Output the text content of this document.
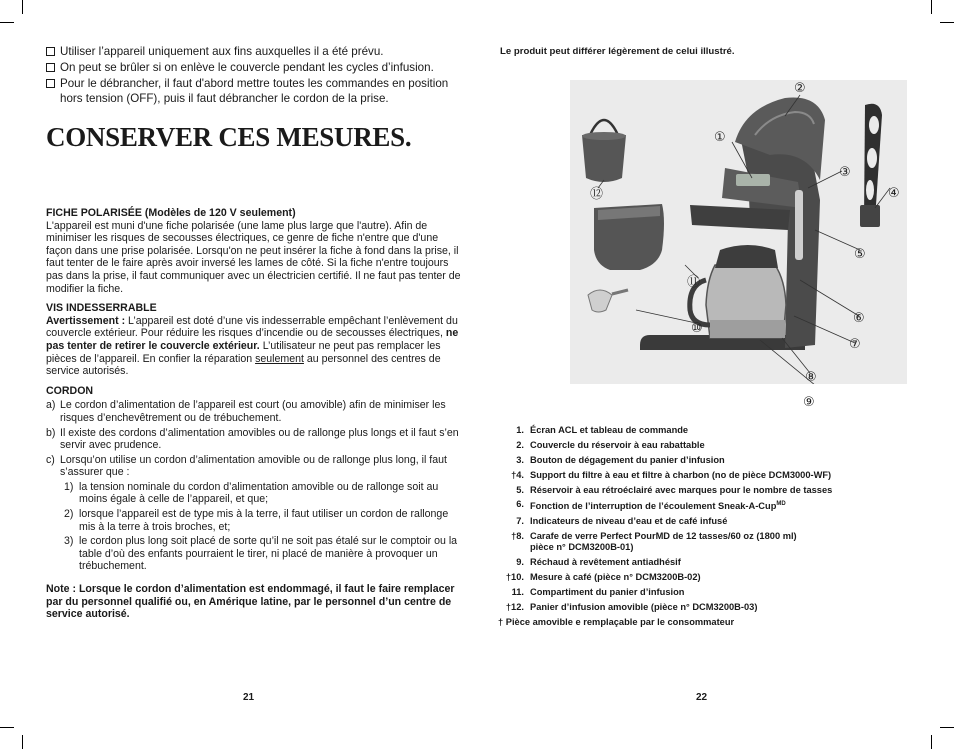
Utiliser l’appareil uniquement aux fins auxquelles il a été prévu.
On peut se brûler si on enlève le couvercle pendant les cycles d’infusion.
Pour le débrancher, il faut d'abord mettre toutes les commandes en position hors tension (OFF), puis il faut débrancher le cordon de la prise.
CONSERVER CES MESURES.
FICHE POLARISÉE (Modèles de 120 V seulement)

L'appareil est muni d'une fiche polarisée (une lame plus large que l'autre). Afin de minimiser les risques de secousses électriques, ce genre de fiche n'entre que d'une façon dans une prise polarisée. Lorsqu'on ne peut insérer la fiche à fond dans la prise, il faut tenter de le faire après avoir inversé les lames de côté. Si la fiche n'entre toujours pas dans la prise, il faut communiquer avec un électricien certifié. Il ne faut pas tenter de modifier la fiche.

VIS INDESSERRABLE

Avertissement : L’appareil est doté d’une vis indesserrable empêchant l’enlèvement du couvercle extérieur. Pour réduire les risques d’incendie ou de secousses électriques, ne pas tenter de retirer le couvercle extérieur. L’utilisateur ne peut pas remplacer les pièces de l’appareil. En confier la réparation seulement au personnel des centres de service autorisés.

CORDON
a) Le cordon d’alimentation de l’appareil est court (ou amovible) afin de minimiser les risques d’enchevêtrement ou de trébuchement.
b) Il existe des cordons d’alimentation amovibles ou de rallonge plus longs et il faut s’en servir avec prudence.
c) Lorsqu’on utilise un cordon d’alimentation amovible ou de rallonge plus long, il faut s’assurer que :
1) la tension nominale du cordon d’alimentation amovible ou de rallonge soit au moins égale à celle de l’appareil, et que;
2) lorsque l’appareil est de type mis à la terre, il faut utiliser un cordon de rallonge mis à la terre à trois broches, et;
3) le cordon plus long soit placé de sorte qu’il ne soit pas étalé sur le comptoir ou la table d’où des enfants pourraient le tirer, ni placé de manière à provoquer un trébuchement.
Note : Lorsque le cordon d’alimentation est endommagé, il faut le faire remplacer par du personnel qualifié ou, en Amérique latine, par le personnel d’un centre de service autorisé.
21
Le produit peut différer légèrement de celui illustré.
①
②
③
④
⑤
⑥
⑦
⑧
⑩
⑪
⑫
⑨
1. Écran ACL et tableau de commande
2. Couvercle du réservoir à eau rabattable
3. Bouton de dégagement du panier d’infusion
†4. Support du filtre à eau et filtre à charbon (no de pièce DCM3000-WF)
5. Réservoir à eau rétroéclairé avec marques pour le nombre de tasses
6. Fonction de l’interruption de l’écoulement Sneak-A-Cup$^{MD}$
7. Indicateurs de niveau d’eau et de café infusé
†8. Carafe de verre Perfect PourMD de 12 tasses/60 oz (1800 ml)
pièce n° DCM3200B-01)
9. Réchaud à revêtement antiadhésif
†10. Mesure à café (pièce n° DCM3200B-02)
11. Compartiment du panier d’infusion
†12. Panier d’infusion amovible (pièce n° DCM3200B-03)
† Pièce amovible e remplaçable par le consommateur
22
